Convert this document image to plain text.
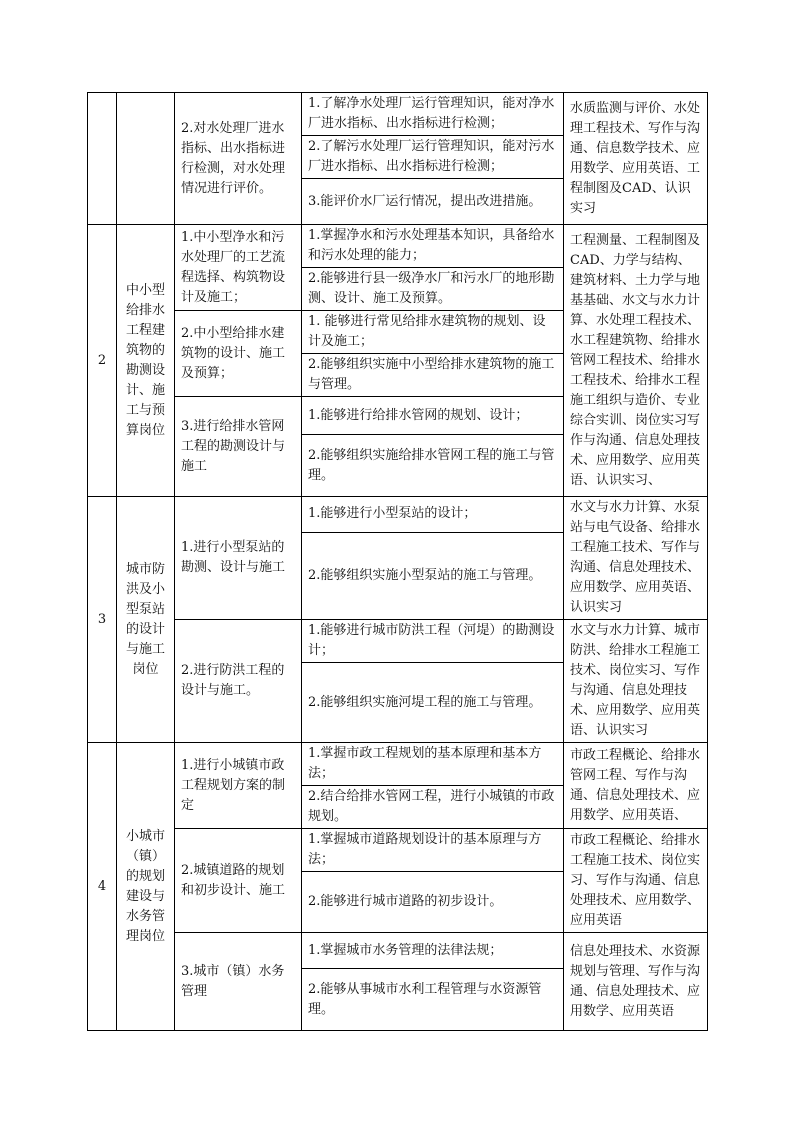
		2.对水处理厂进水指标、出水指标进行检测，对水处理情况进行评价。	1.了解净水处理厂运行管理知识，能对净水厂进水指标、出水指标进行检测；	水质监测与评价、水处理工程技术、写作与沟通、信息数学技术、应用数学、应用英语、工程制图及CAD、认识实习
			2.了解污水处理厂运行管理知识，能对污水厂进水指标、出水指标进行检测；	
			3.能评价水厂运行情况，提出改进措施。	
2	中小型给排水工程建筑物的勘测设计、施工与预算岗位	1.中小型净水和污水处理厂的工艺流程选择、构筑物设计及施工；	1.掌握净水和污水处理基本知识，具备给水和污水处理的能力；	工程测量、工程制图及CAD、力学与结构、建筑材料、土力学与地基基础、水文与水力计算、水处理工程技术、水工程建筑物、给排水管网工程技术、给排水工程技术、给排水工程施工组织与造价、专业综合实训、岗位实习写作与沟通、信息处理技术、应用数学、应用英语、认识实习、
			2.能够进行县一级净水厂和污水厂的地形勘测、设计、施工及预算。	
		2.中小型给排水建筑物的设计、施工及预算；	1. 能够进行常见给排水建筑物的规划、设计及施工；	
			2.能够组织实施中小型给排水建筑物的施工与管理。	
		3.进行给排水管网工程的勘测设计与施工	1.能够进行给排水管网的规划、设计；	
			2.能够组织实施给排水管网工程的施工与管理。	
3	城市防洪及小型泵站的设计与施工岗位	1.进行小型泵站的勘测、设计与施工	1.能够进行小型泵站的设计；	水文与水力计算、水泵站与电气设备、给排水工程施工技术、写作与沟通、信息处理技术、应用数学、应用英语、认识实习
			2.能够组织实施小型泵站的施工与管理。	
		2.进行防洪工程的设计与施工。	1.能够进行城市防洪工程（河堤）的勘测设计；	水文与水力计算、城市防洪、给排水工程施工技术、岗位实习、写作与沟通、信息处理技术、应用数学、应用英语、认识实习
			2.能够组织实施河堤工程的施工与管理。	
4	小城市（镇）的规划建设与水务管理岗位	1.进行小城镇市政工程规划方案的制定	1.掌握市政工程规划的基本原理和基本方法；	市政工程概论、给排水管网工程、写作与沟通、信息处理技术、应用数学、应用英语、
			2.结合给排水管网工程，进行小城镇的市政规划。	
		2.城镇道路的规划和初步设计、施工	1.掌握城市道路规划设计的基本原理与方法；	市政工程概论、给排水工程施工技术、岗位实习、写作与沟通、信息处理技术、应用数学、应用英语
			2.能够进行城市道路的初步设计。	
		3.城市（镇）水务管理	1.掌握城市水务管理的法律法规；	信息处理技术、水资源规划与管理、写作与沟通、信息处理技术、应用数学、应用英语
			2.能够从事城市水利工程管理与水资源管理。	
